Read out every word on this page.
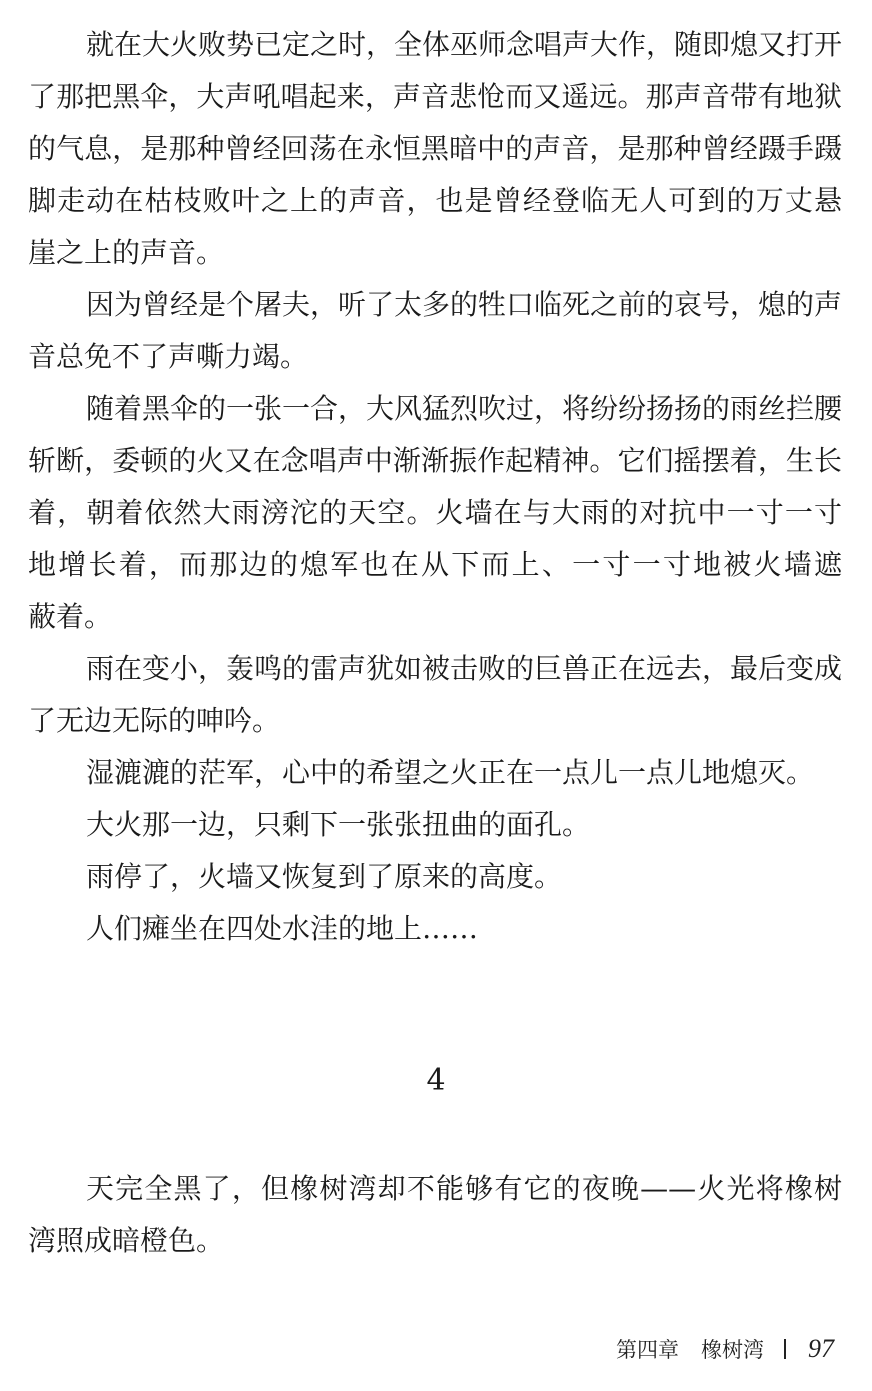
就在大火败势已定之时，全体巫师念唱声大作，随即熄又打开
了那把黑伞，大声吼唱起来，声音悲怆而又遥远。那声音带有地狱
的气息，是那种曾经回荡在永恒黑暗中的声音，是那种曾经蹑手蹑
脚走动在枯枝败叶之上的声音，也是曾经登临无人可到的万丈悬
崖之上的声音。
因为曾经是个屠夫，听了太多的牲口临死之前的哀号，熄的声
音总免不了声嘶力竭。
随着黑伞的一张一合，大风猛烈吹过，将纷纷扬扬的雨丝拦腰
斩断，委顿的火又在念唱声中渐渐振作起精神。它们摇摆着，生长
着，朝着依然大雨滂沱的天空。火墙在与大雨的对抗中一寸一寸
地增长着，而那边的熄军也在从下而上、一寸一寸地被火墙遮
蔽着。
雨在变小，轰鸣的雷声犹如被击败的巨兽正在远去，最后变成
了无边无际的呻吟。
湿漉漉的茫军，心中的希望之火正在一点儿一点儿地熄灭。
大火那一边，只剩下一张张扭曲的面孔。
雨停了，火墙又恢复到了原来的高度。
人们瘫坐在四处水洼的地上……
4
天完全黑了，但橡树湾却不能够有它的夜晚——火光将橡树
湾照成暗橙色。
第四章 橡树湾 97
